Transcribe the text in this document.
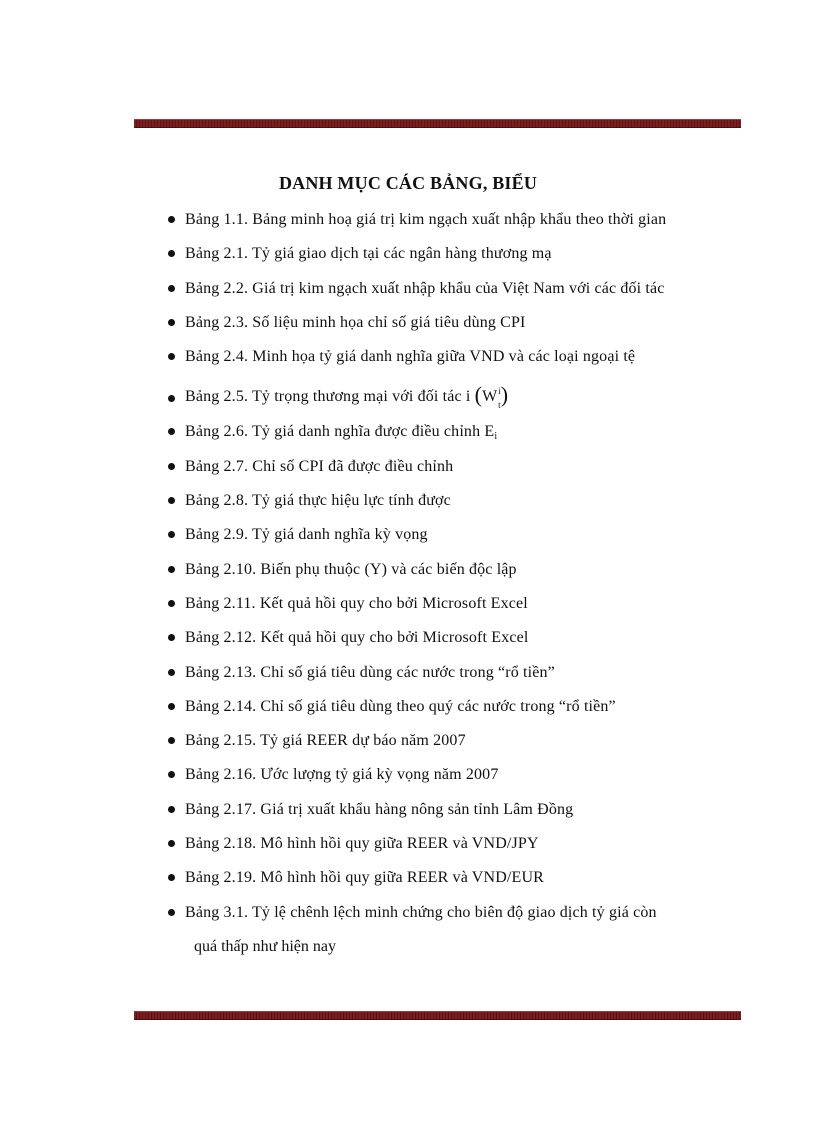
DANH MỤC CÁC BẢNG, BIỂU
Bảng 1.1. Bảng minh hoạ giá trị kim ngạch xuất nhập khẩu theo thời gian
Bảng 2.1. Tỷ giá giao dịch tại các ngân hàng thương mạ
Bảng 2.2. Giá trị kim ngạch xuất nhập khẩu của Việt Nam với các đối tác
Bảng 2.3. Số liệu minh họa chỉ số giá tiêu dùng CPI
Bảng 2.4. Minh họa tỷ giá danh nghĩa giữa VND và các loại ngoại tệ
Bảng 2.5. Tỷ trọng thương mại với đối tác i (W i
t
  )
Bảng 2.6. Tỷ giá danh nghĩa được điều chỉnh Ei
Bảng 2.7. Chỉ số CPI đã được điều chỉnh
Bảng 2.8. Tỷ giá thực hiệu lực tính được
Bảng 2.9. Tỷ giá danh nghĩa kỳ vọng
Bảng 2.10. Biến phụ thuộc (Y) và các biến độc lập
Bảng 2.11. Kết quả hồi quy cho bởi Microsoft Excel
Bảng 2.12. Kết quả hồi quy cho bởi Microsoft Excel
Bảng 2.13. Chỉ số giá tiêu dùng các nước trong “rổ tiền”
Bảng 2.14. Chỉ số giá tiêu dùng theo quý các nước trong “rổ tiền”
Bảng 2.15. Tỷ giá REER dự báo năm 2007
Bảng 2.16. Ước lượng tỷ giá kỳ vọng năm 2007
Bảng 2.17. Giá trị xuất khẩu hàng nông sản tỉnh Lâm Đồng
Bảng 2.18. Mô hình hồi quy giữa REER và VND/JPY
Bảng 2.19. Mô hình hồi quy giữa REER và VND/EUR
Bảng 3.1. Tỷ lệ chênh lệch minh chứng cho biên độ giao dịch tỷ giá còn
quá thấp như hiện nay
